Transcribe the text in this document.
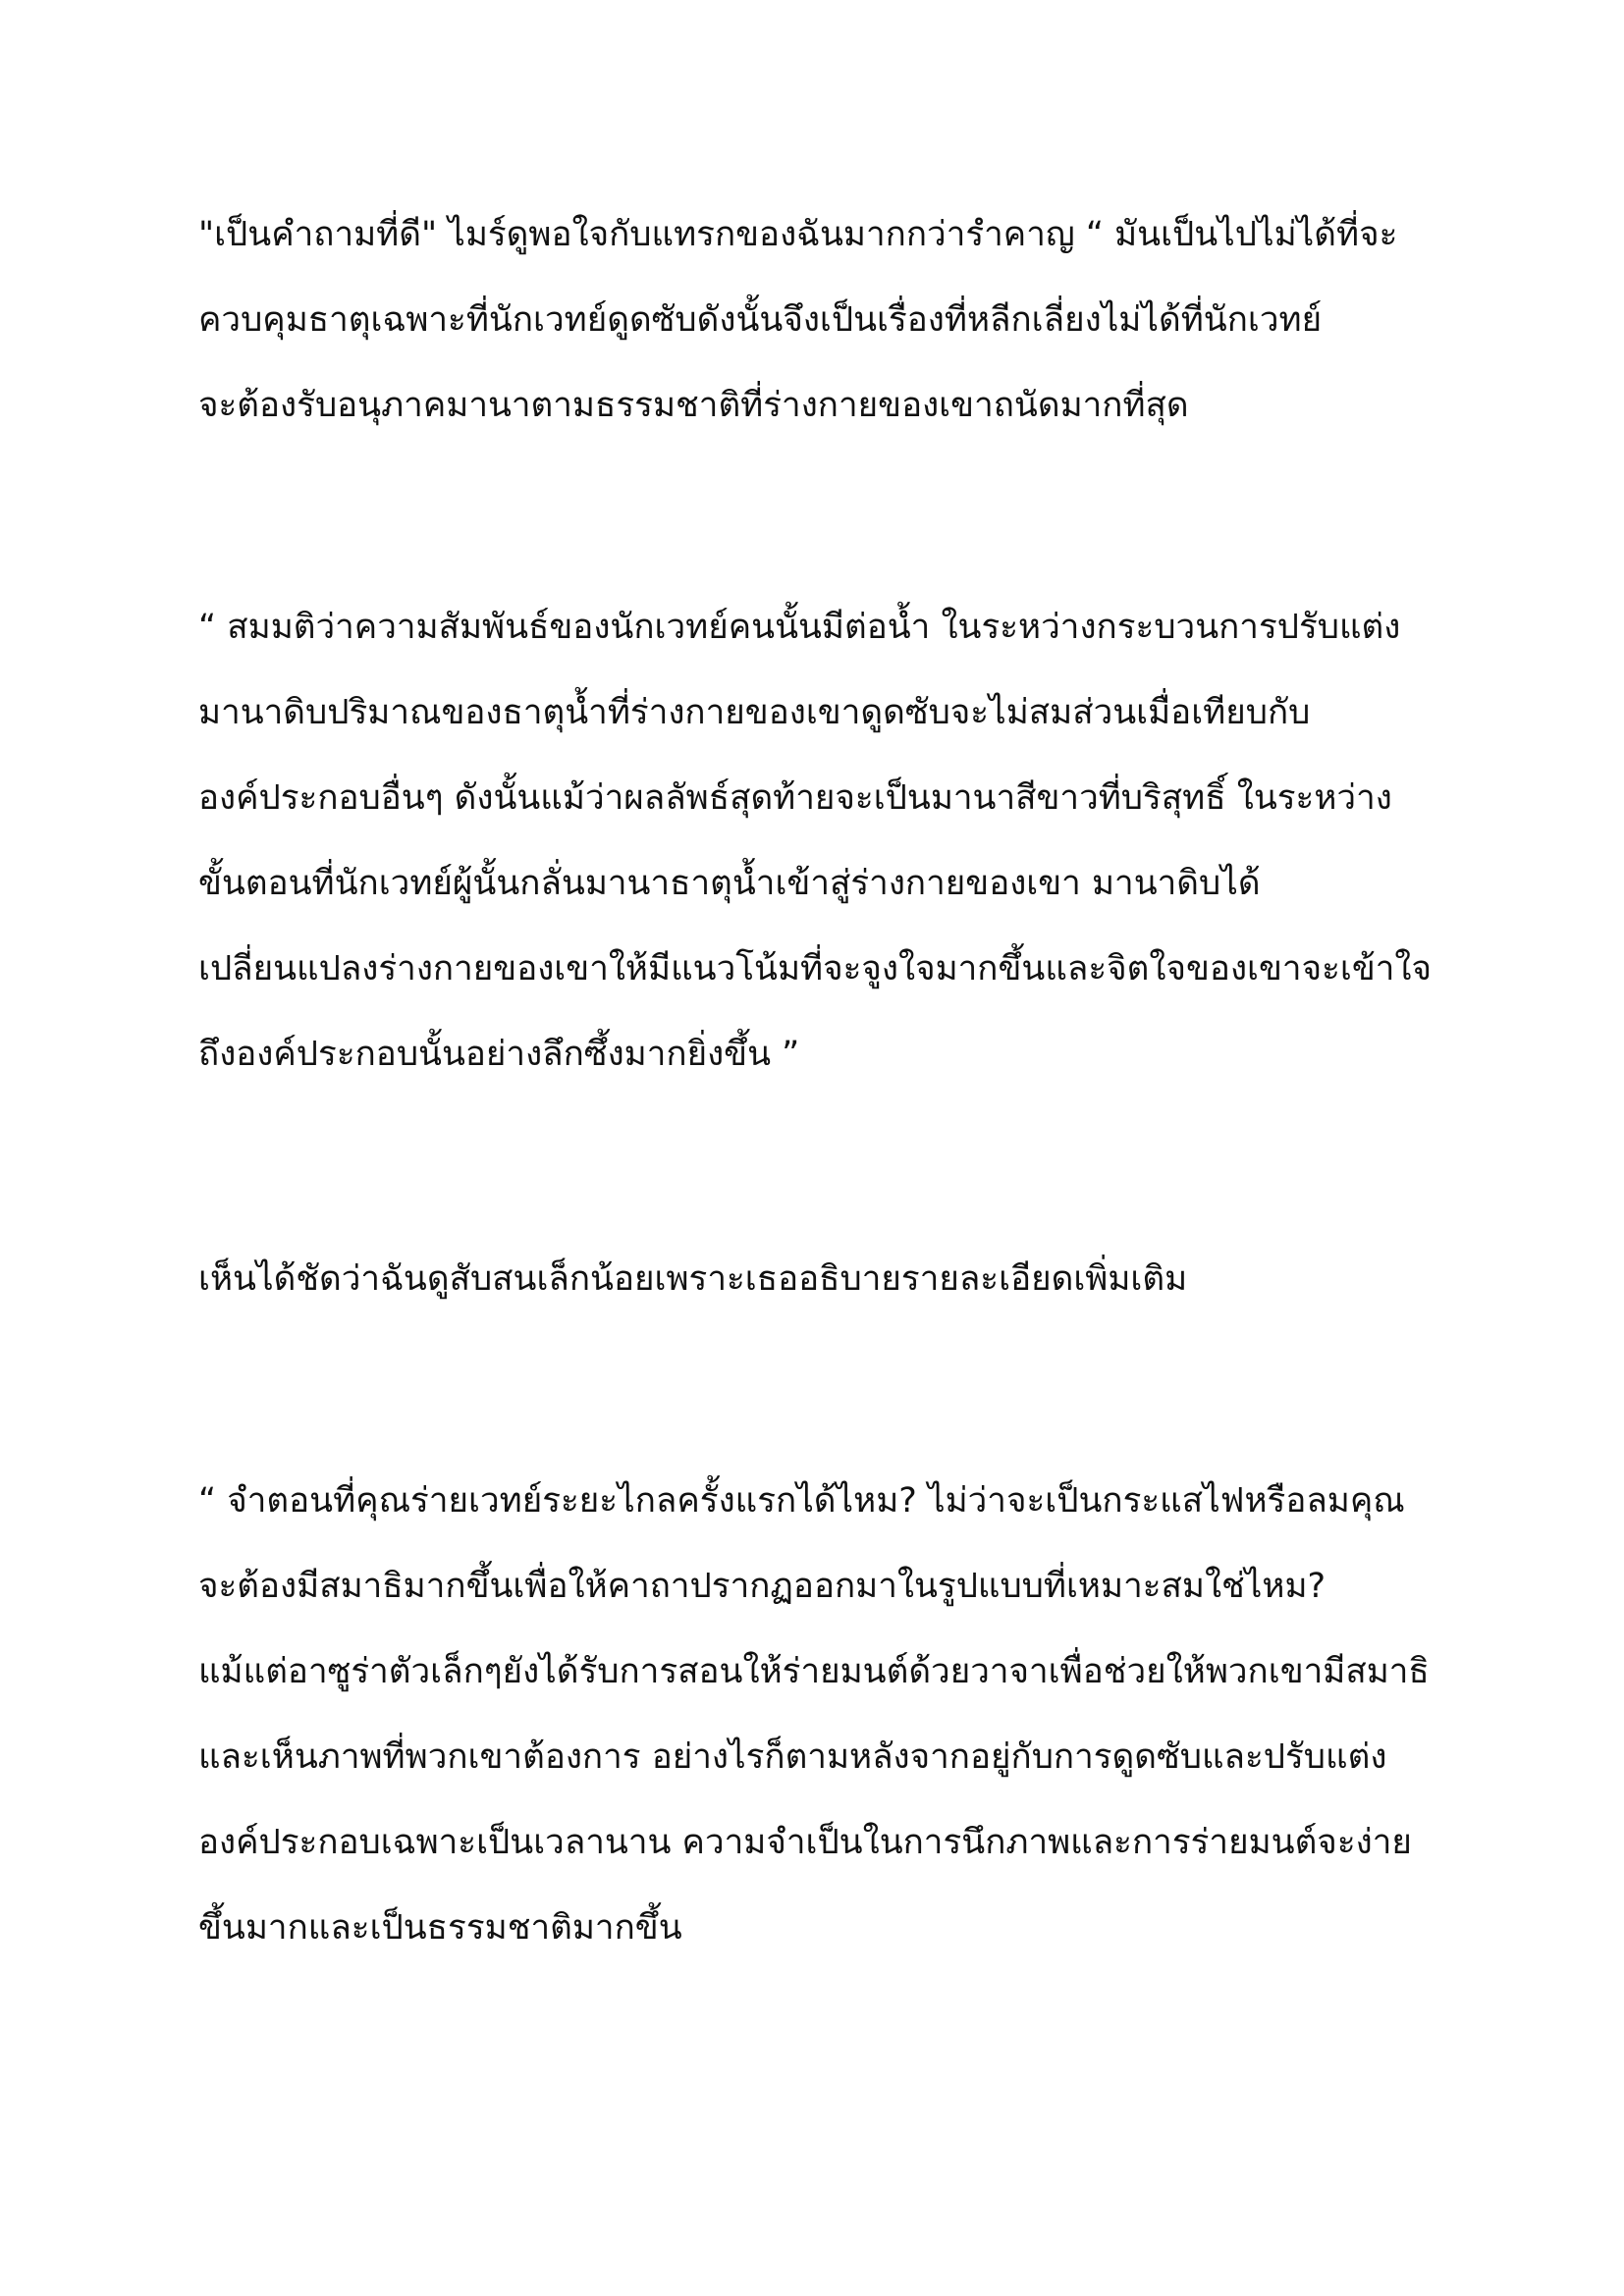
"เป็นคำถามที่ดี" ไมร์ดูพอใจกับแทรกของฉันมากกว่ารำคาญ “ มันเป็นไปไม่ได้ที่จะ
ควบคุมธาตุเฉพาะที่นักเวทย์ดูดซับดังนั้นจึงเป็นเรื่องที่หลีกเลี่ยงไม่ได้ที่นักเวทย์
จะต้องรับอนุภาคมานาตามธรรมชาติที่ร่างกายของเขาถนัดมากที่สุด
“ สมมติว่าความสัมพันธ์ของนักเวทย์คนนั้นมีต่อน้ำ ในระหว่างกระบวนการปรับแต่ง
มานาดิบปริมาณของธาตุน้ำที่ร่างกายของเขาดูดซับจะไม่สมส่วนเมื่อเทียบกับ
องค์ประกอบอื่นๆ ดังนั้นแม้ว่าผลลัพธ์สุดท้ายจะเป็นมานาสีขาวที่บริสุทธิ์ ในระหว่าง
ขั้นตอนที่นักเวทย์ผู้นั้นกลั่นมานาธาตุน้ำเข้าสู่ร่างกายของเขา มานาดิบได้
เปลี่ยนแปลงร่างกายของเขาให้มีแนวโน้มที่จะจูงใจมากขึ้นและจิตใจของเขาจะเข้าใจ
ถึงองค์ประกอบนั้นอย่างลึกซึ้งมากยิ่งขึ้น ”
เห็นได้ชัดว่าฉันดูสับสนเล็กน้อยเพราะเธออธิบายรายละเอียดเพิ่มเติม
“ จำตอนที่คุณร่ายเวทย์ระยะไกลครั้งแรกได้ไหม? ไม่ว่าจะเป็นกระแสไฟหรือลมคุณ
จะต้องมีสมาธิมากขึ้นเพื่อให้คาถาปรากฏออกมาในรูปแบบที่เหมาะสมใช่ไหม?
แม้แต่อาซูร่าตัวเล็กๆยังได้รับการสอนให้ร่ายมนต์ด้วยวาจาเพื่อช่วยให้พวกเขามีสมาธิ
และเห็นภาพที่พวกเขาต้องการ อย่างไรก็ตามหลังจากอยู่กับการดูดซับและปรับแต่ง
องค์ประกอบเฉพาะเป็นเวลานาน ความจำเป็นในการนึกภาพและการร่ายมนต์จะง่าย
ขึ้นมากและเป็นธรรมชาติมากขึ้น
